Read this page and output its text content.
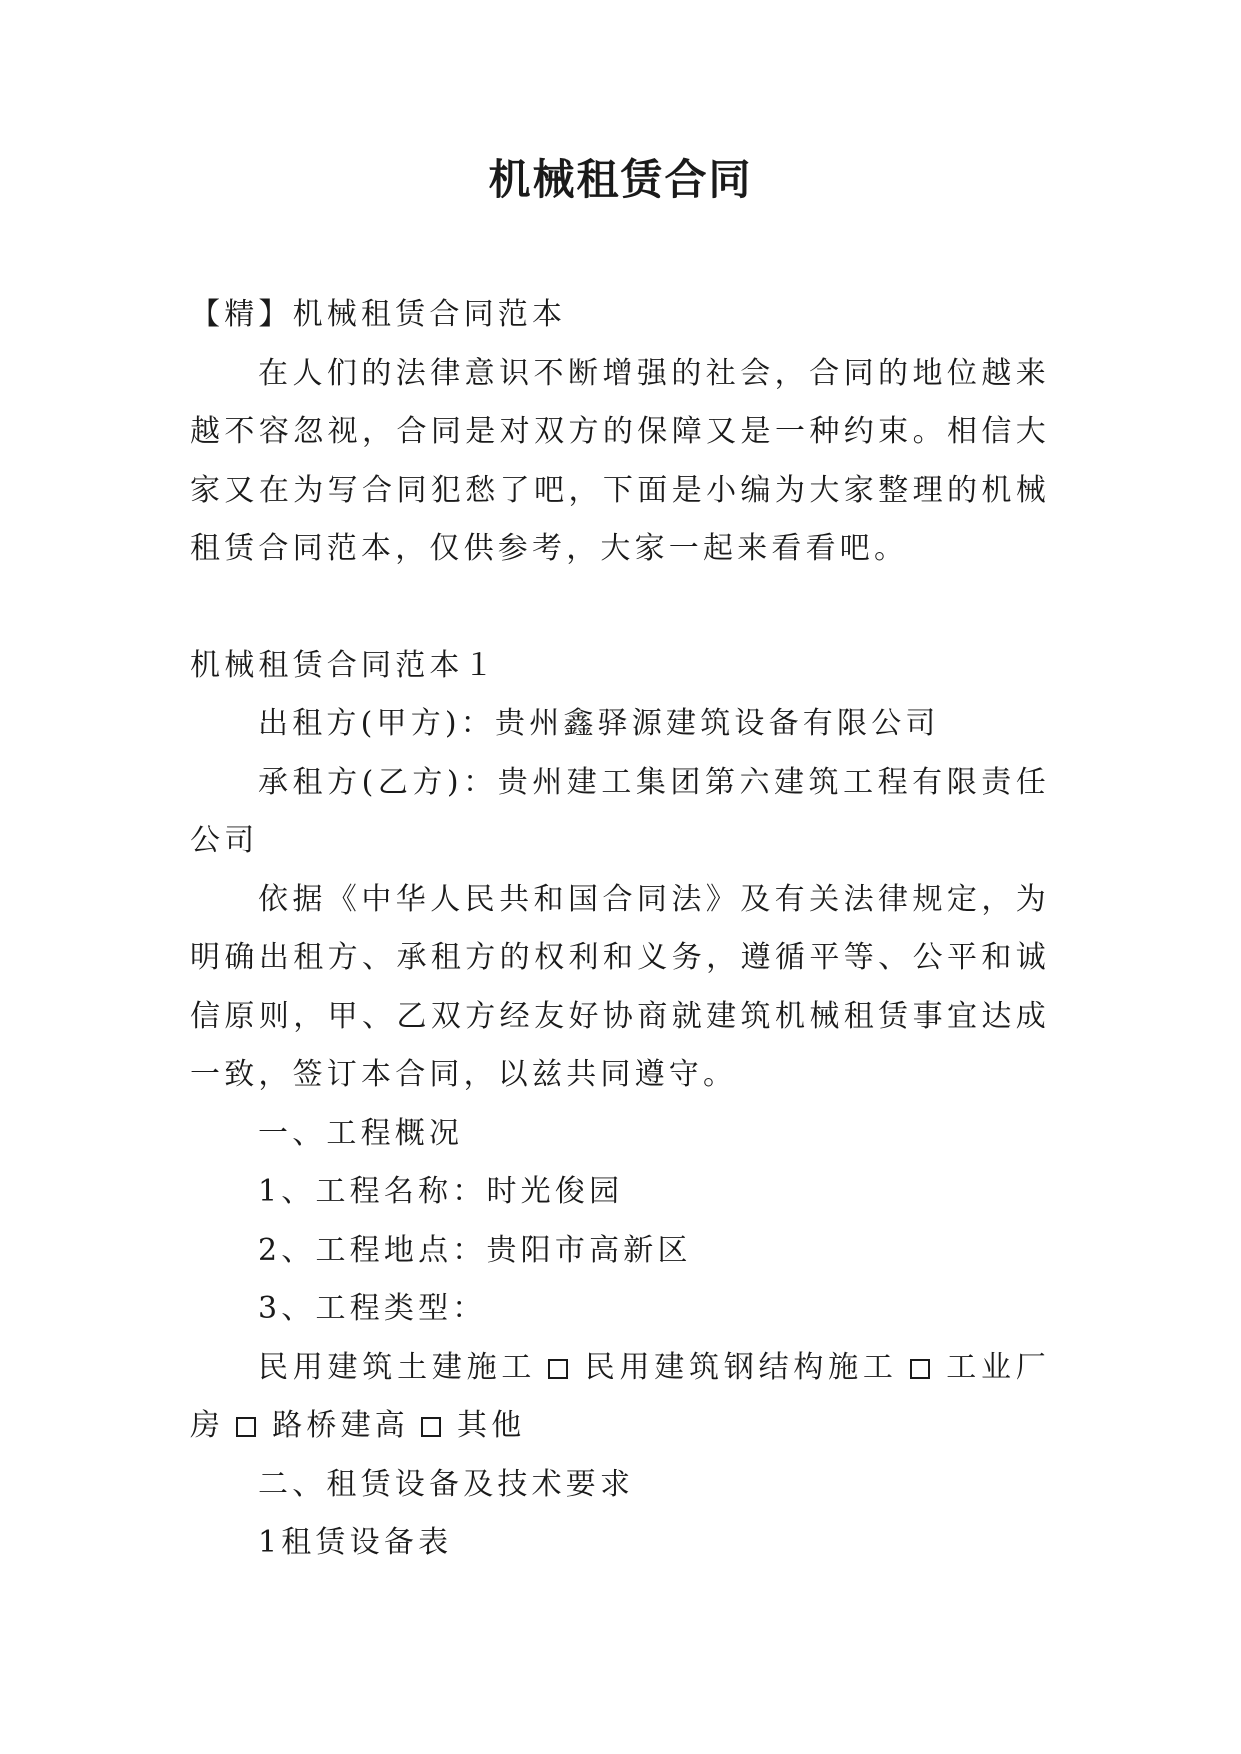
机械租赁合同

【精】机械租赁合同范本

在人们的法律意识不断增强的社会，合同的地位越来越不容忽视，合同是对双方的保障又是一种约束。相信大家又在为写合同犯愁了吧，下面是小编为大家整理的机械租赁合同范本，仅供参考，大家一起来看看吧。

机械租赁合同范本１

出租方(甲方)：贵州鑫驿源建筑设备有限公司

承租方(乙方)：贵州建工集团第六建筑工程有限责任公司

依据《中华人民共和国合同法》及有关法律规定，为明确出租方、承租方的权利和义务，遵循平等、公平和诚信原则，甲、乙双方经友好协商就建筑机械租赁事宜达成一致，签订本合同，以兹共同遵守。

一、工程概况

1、工程名称：时光俊园

2、工程地点：贵阳市高新区

3、工程类型：

民用建筑土建施工 民用建筑钢结构施工 工业厂房 路桥建高 其他

二、租赁设备及技术要求

1租赁设备表
